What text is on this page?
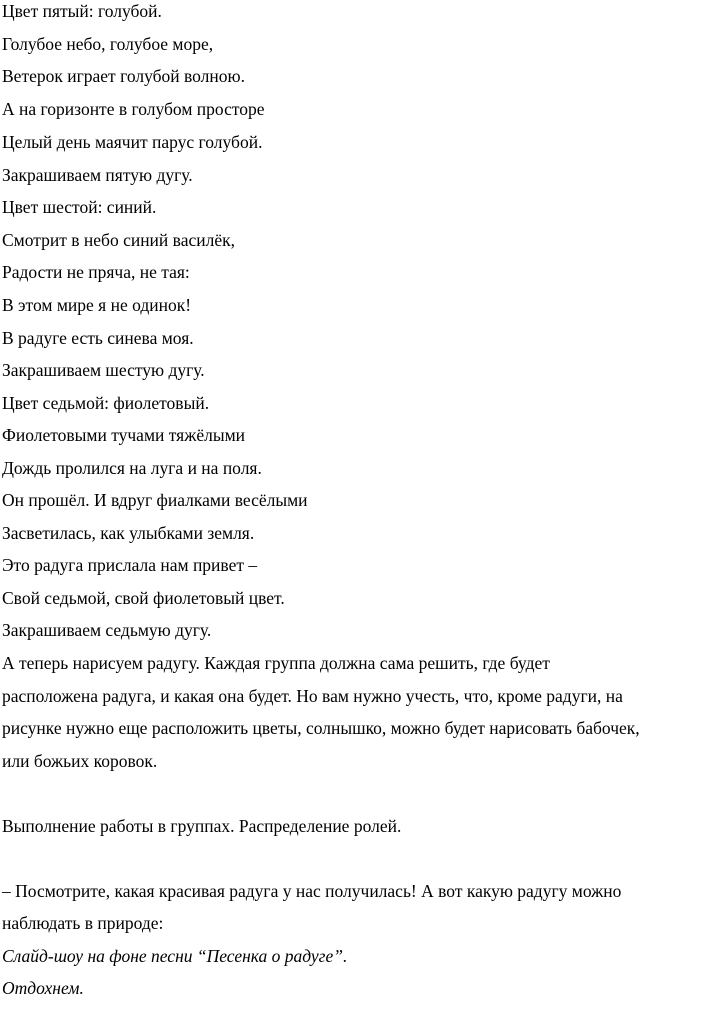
Цвет пятый: голубой.
Голубое небо, голубое море,
Ветерок играет голубой волною.
А на горизонте в голубом просторе
Целый день маячит парус голубой.
Закрашиваем пятую дугу.
Цвет шестой: синий.
Смотрит в небо синий василёк,
Радости не пряча, не тая:
В этом мире я не одинок!
В радуге есть синева моя.
Закрашиваем шестую дугу.
Цвет седьмой: фиолетовый.
Фиолетовыми тучами тяжёлыми
Дождь пролился на луга и на поля.
Он прошёл. И вдруг фиалками весёлыми
Засветилась, как улыбками земля.
Это радуга прислала нам привет –
Свой седьмой, свой фиолетовый цвет.
Закрашиваем седьмую дугу.
А теперь нарисуем радугу. Каждая группа должна сама решить, где будет
расположена радуга, и какая она будет. Но вам нужно учесть, что, кроме радуги, на
рисунке нужно еще расположить цветы, солнышко, можно будет нарисовать бабочек,
или божьих коровок.
Выполнение работы в группах. Распределение ролей.
– Посмотрите, какая красивая радуга у нас получилась! А вот какую радугу можно
наблюдать в природе:
Слайд-шоу на фоне песни “Песенка о радуге”.
Отдохнем.
